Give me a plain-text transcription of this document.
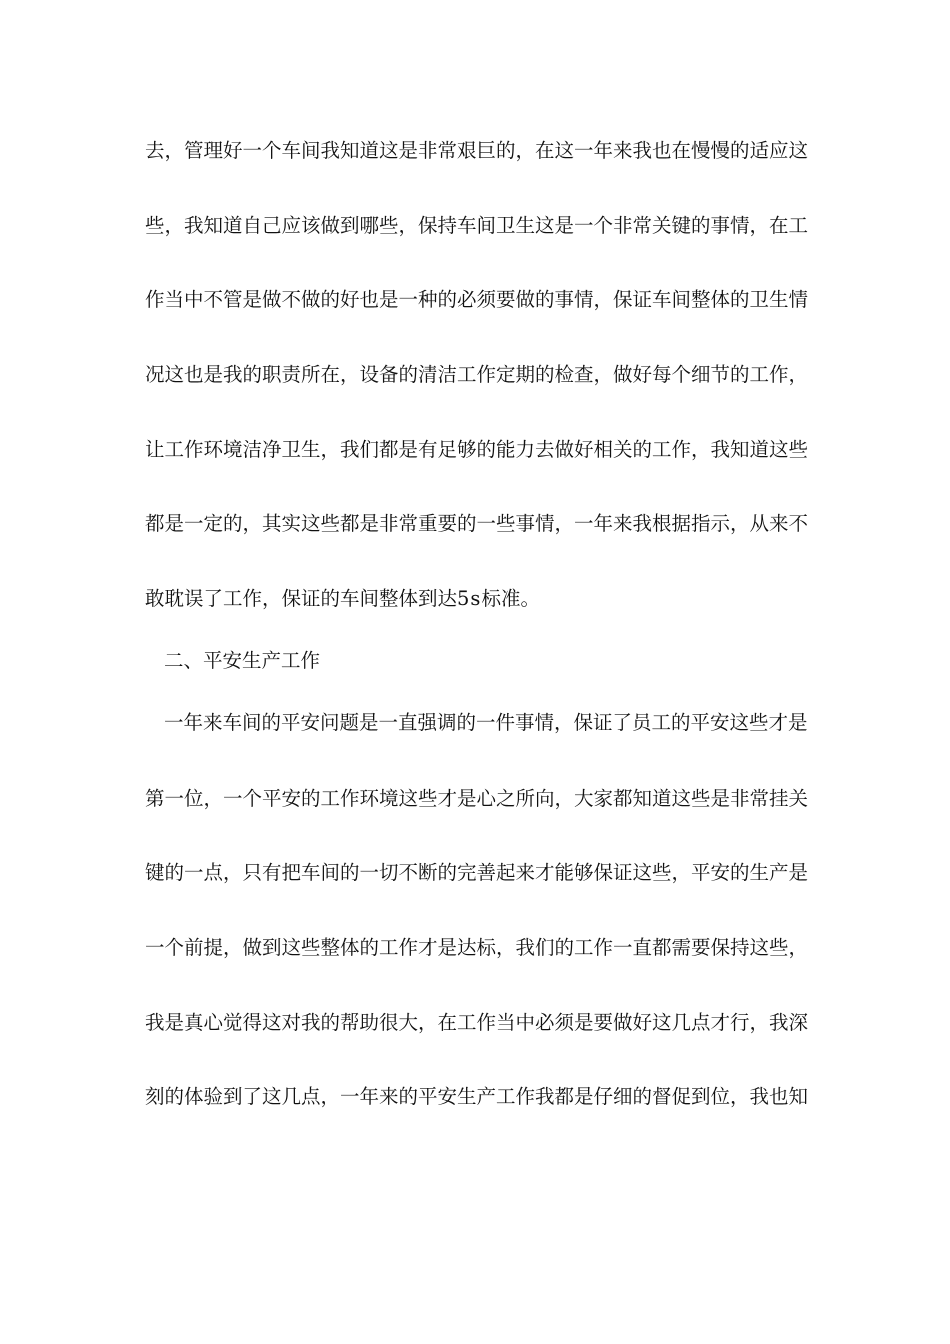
去，管理好一个车间我知道这是非常艰巨的，在这一年来我也在慢慢的适应这
些，我知道自己应该做到哪些，保持车间卫生这是一个非常关键的事情，在工
作当中不管是做不做的好也是一种的必须要做的事情，保证车间整体的卫生情
况这也是我的职责所在，设备的清洁工作定期的检查，做好每个细节的工作，
让工作环境洁净卫生，我们都是有足够的能力去做好相关的工作，我知道这些
都是一定的，其实这些都是非常重要的一些事情，一年来我根据指示，从来不
敢耽误了工作，保证的车间整体到达5s标准。
二、平安生产工作
一年来车间的平安问题是一直强调的一件事情，保证了员工的平安这些才是
第一位，一个平安的工作环境这些才是心之所向，大家都知道这些是非常挂关
键的一点，只有把车间的一切不断的完善起来才能够保证这些，平安的生产是
一个前提，做到这些整体的工作才是达标，我们的工作一直都需要保持这些，
我是真心觉得这对我的帮助很大，在工作当中必须是要做好这几点才行，我深
刻的体验到了这几点，一年来的平安生产工作我都是仔细的督促到位，我也知
